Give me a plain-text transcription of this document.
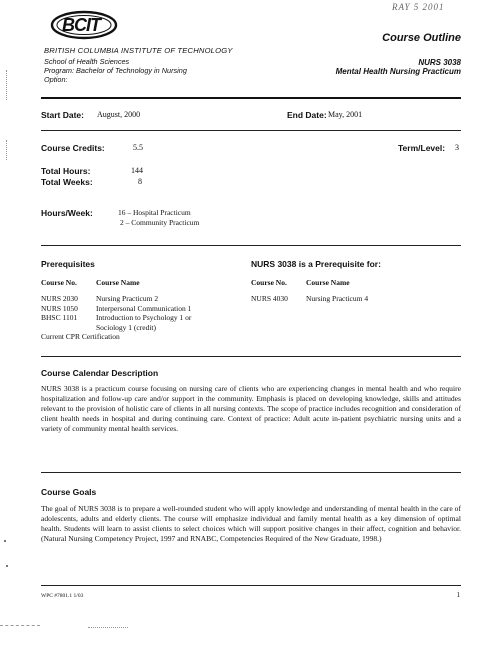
RAY 5 2001
BCIT
BRITISH COLUMBIA INSTITUTE OF TECHNOLOGY
School of Health Sciences
Program: Bachelor of Technology in Nursing
Option:
Course Outline
NURS 3038
Mental Health Nursing Practicum
Start Date: August, 2000	End Date: May, 2001
Course Credits:	5.5	Term/Level: 3
Total Hours:	144
Total Weeks:	8
Hours/Week:	16 – Hospital Practicum
2 – Community Practicum
Prerequisites
Course No.	Course Name
NURS 2030	Nursing Practicum 2
NURS 1050	Interpersonal Communication 1
BHSC 1101	Introduction to Psychology 1 or
Sociology 1 (credit)
Current CPR Certification
NURS 3038 is a Prerequisite for:
Course No.	Course Name
NURS 4030	Nursing Practicum 4
Course Calendar Description
NURS 3038 is a practicum course focusing on nursing care of clients who are experiencing changes in mental health and who require hospitalization and follow-up care and/or support in the community. Emphasis is placed on developing knowledge, skills and attitudes relevant to the provision of holistic care of clients in all nursing contexts. The scope of practice includes recognition and consideration of client health needs in hospital and during continuing care. Context of practice: Adult acute in-patient psychiatric nursing units and a variety of community mental health services.
Course Goals
The goal of NURS 3038 is to prepare a well-rounded student who will apply knowledge and understanding of mental health in the care of adolescents, adults and elderly clients. The course will emphasize individual and family mental health as a key dimension of optimal health. Students will learn to assist clients to select choices which will support positive changes in their affect, cognition and behavior. (Natural Nursing Competency Project, 1997 and RNABC, Competencies Required of the New Graduate, 1998.)
WPC #7801.1 1/03	1
